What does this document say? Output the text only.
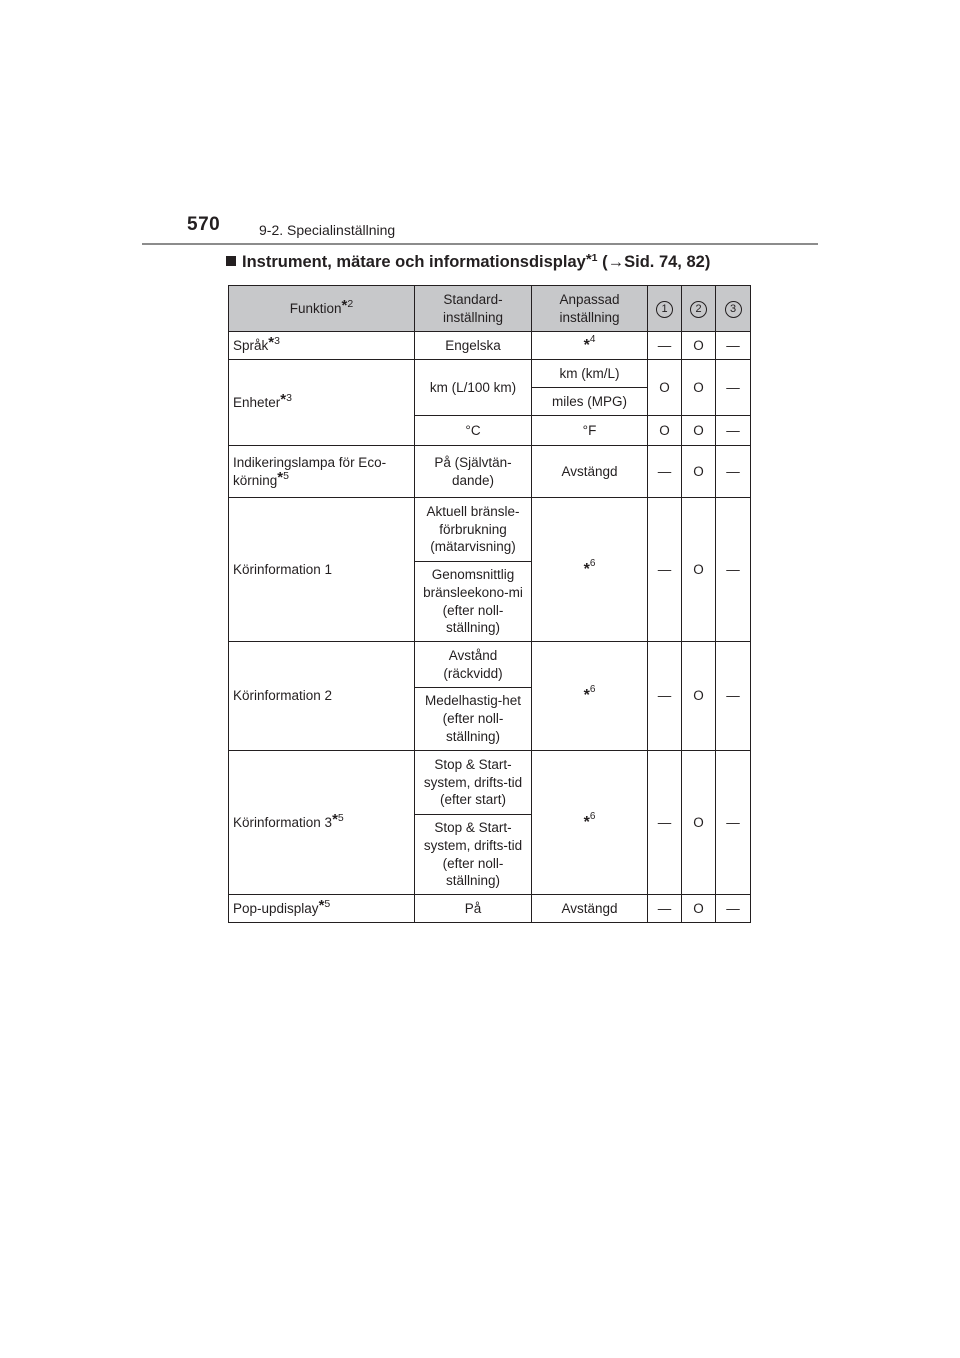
570	9-2. Specialinställning
Instrument, mätare och informationsdisplay$^{*1}$ (→Sid. 74, 82)
Funktion$^{*2}$	Standard-inställning	Anpassad inställning	1	2	3
Språk$^{*3}$	Engelska	*$^4$	—	O	—
Enheter$^{*3}$	km (L/100 km)	km (km/L)	O	O	—
		miles (MPG)			
	°C	°F	O	O	—
Indikeringslampa för Eco-körning$^{*5}$	På (Självtän-dande)	Avstängd	—	O	—
Körinformation 1	Aktuell bränsle-förbrukning (mätarvisning)	*$^6$	—	O	—
	Genomsnittlig bränsleekono-mi (efter noll-ställning)				
Körinformation 2	Avstånd (räckvidd)	*$^6$	—	O	—
	Medelhastig-het (efter noll-ställning)				
Körinformation 3$^{*5}$	Stop & Start-system, drifts-tid (efter start)	*$^6$	—	O	—
	Stop & Start-system, drifts-tid (efter noll-ställning)				
Pop-updisplay$^{*5}$	På	Avstängd	—	O	—
